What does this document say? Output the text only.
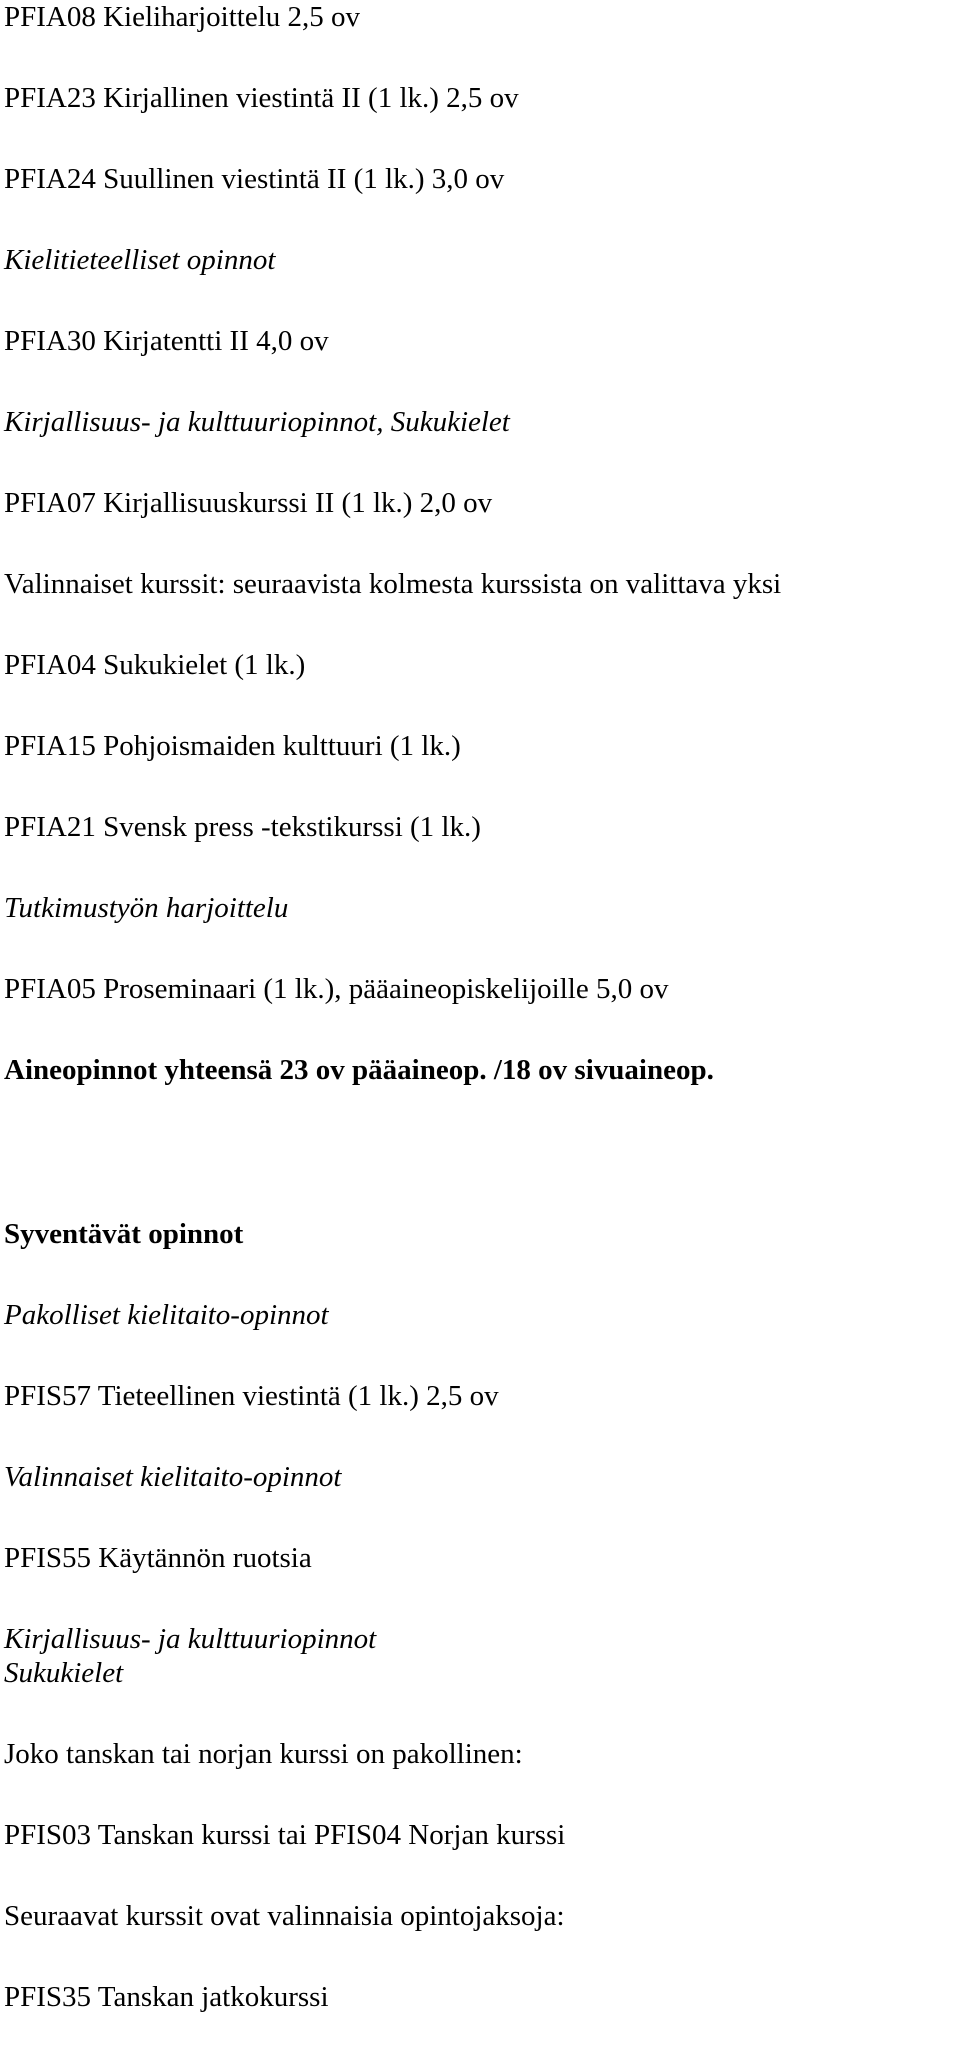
PFIA08 Kieliharjoittelu 2,5 ov

PFIA23 Kirjallinen viestintä II (1 lk.) 2,5 ov

PFIA24 Suullinen viestintä II (1 lk.) 3,0 ov

Kielitieteelliset opinnot

PFIA30 Kirjatentti II 4,0 ov

Kirjallisuus- ja kulttuuriopinnot, Sukukielet

PFIA07 Kirjallisuuskurssi II (1 lk.) 2,0 ov

Valinnaiset kurssit: seuraavista kolmesta kurssista on valittava yksi

PFIA04 Sukukielet (1 lk.)

PFIA15 Pohjoismaiden kulttuuri (1 lk.)

PFIA21 Svensk press -tekstikurssi (1 lk.)

Tutkimustyön harjoittelu

PFIA05 Proseminaari (1 lk.), pääaineopiskelijoille 5,0 ov

Aineopinnot yhteensä 23 ov pääaineop. /18 ov sivuaineop.

Syventävät opinnot

Pakolliset kielitaito-opinnot

PFIS57 Tieteellinen viestintä (1 lk.) 2,5 ov

Valinnaiset kielitaito-opinnot

PFIS55 Käytännön ruotsia

Kirjallisuus- ja kulttuuriopinnot

Sukukielet

Joko tanskan tai norjan kurssi on pakollinen:

PFIS03 Tanskan kurssi tai PFIS04 Norjan kurssi

Seuraavat kurssit ovat valinnaisia opintojaksoja:

PFIS35 Tanskan jatkokurssi
